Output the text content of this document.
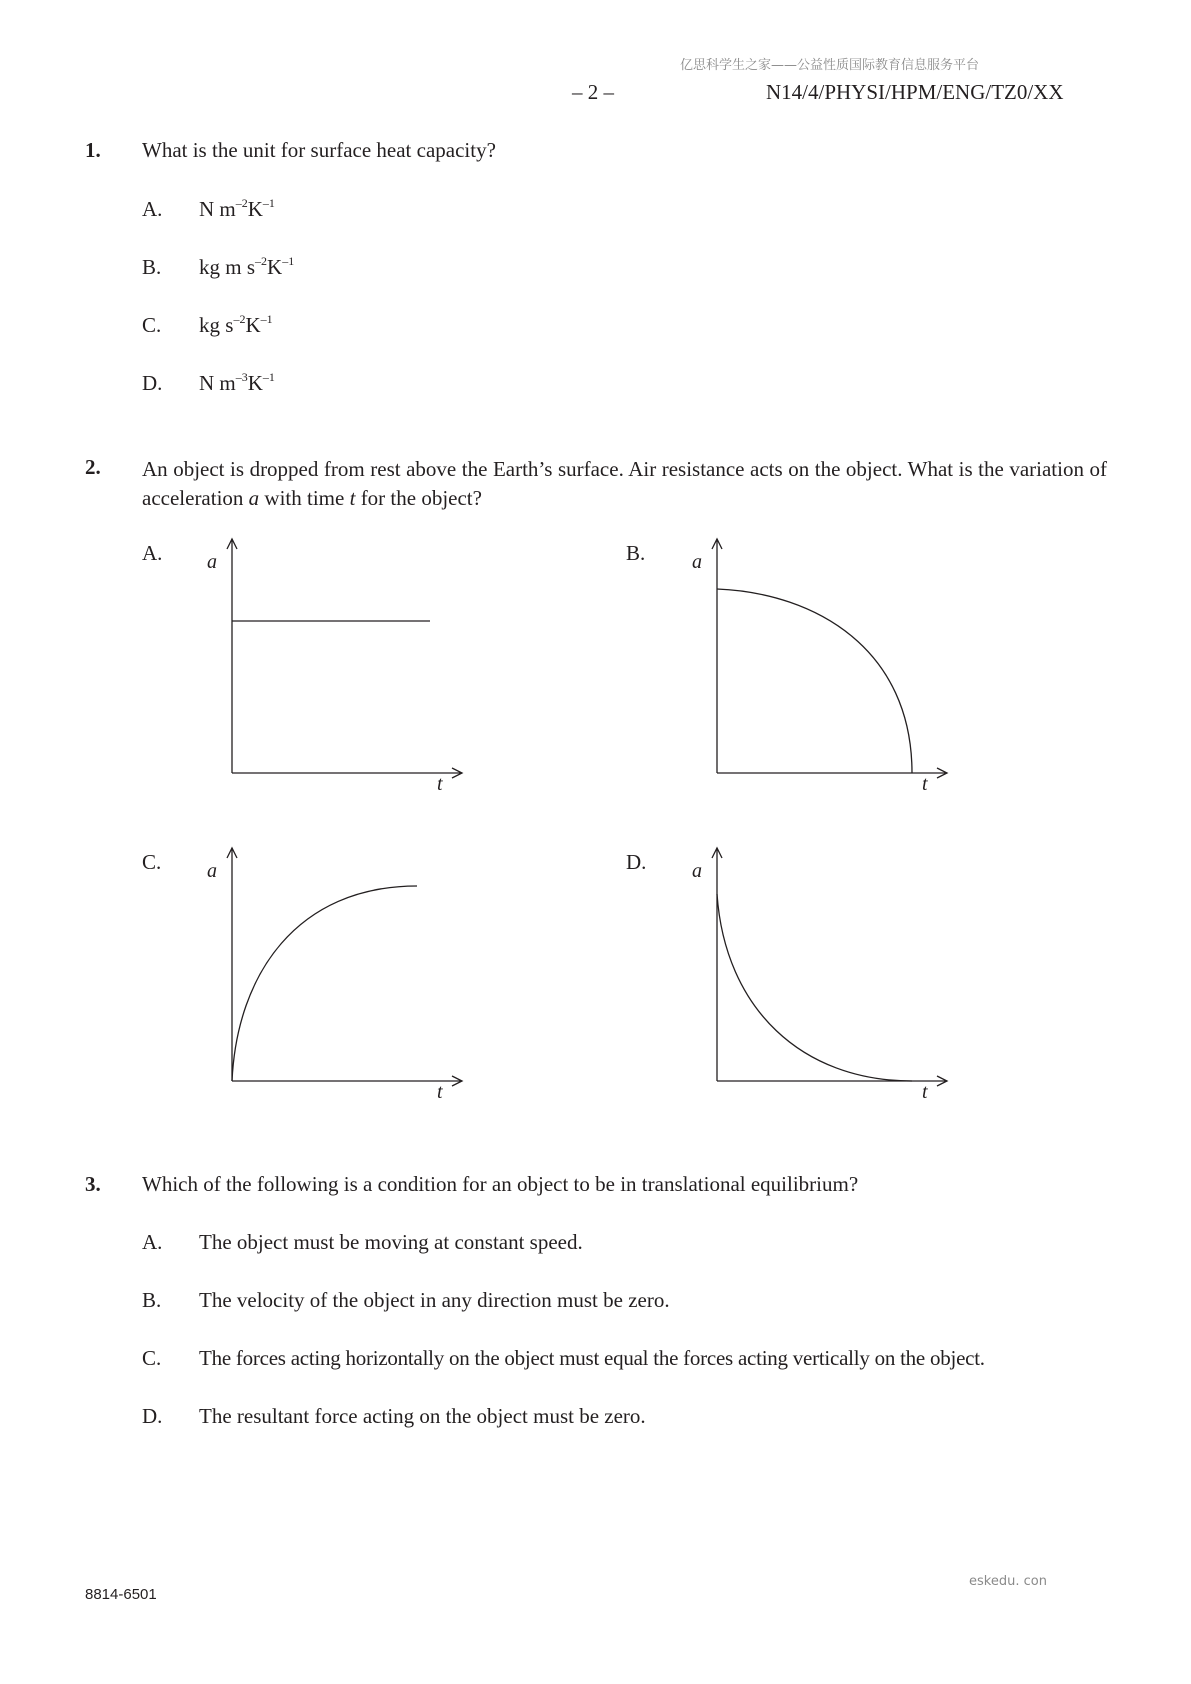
亿思科学生之家——公益性质国际教育信息服务平台
– 2 –	N14/4/PHYSI/HPM/ENG/TZ0/XX
1. What is the unit for surface heat capacity?
A. N $m^{-2}K^{-1}$
B. kg m $s^{-2}K^{-1}$
C. kg $s^{-2}K^{-1}$
D. N $m^{-3}K^{-1}$
2. An object is dropped from rest above the Earth’s surface. Air resistance acts on the object. What is the variation of acceleration a with time t for the object?
A. a
t
B. a
t
C. a
t
D. a
t
3. Which of the following is a condition for an object to be in translational equilibrium?
A. The object must be moving at constant speed.
B. The velocity of the object in any direction must be zero.
C. The forces acting horizontally on the object must equal the forces acting vertically on the object.
D. The resultant force acting on the object must be zero.
eskedu. con
8814-6501
